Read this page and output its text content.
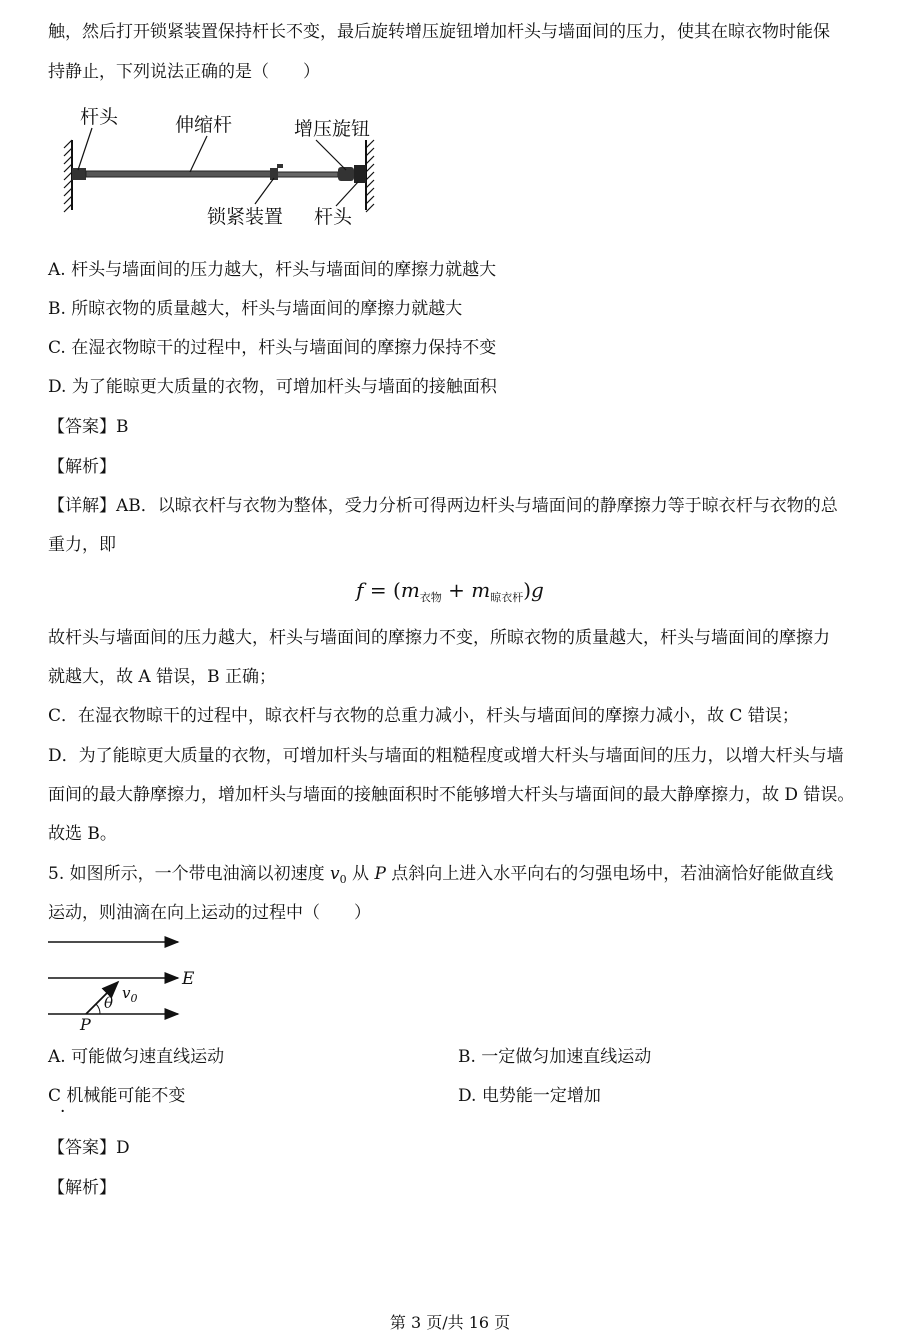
触，然后打开锁紧装置保持杆长不变，最后旋转增压旋钮增加杆头与墙面间的压力，使其在晾衣物时能保
持静止，下列说法正确的是（　　）
杆头	伸缩杆	增压旋钮
锁紧装置 杆头
A. 杆头与墙面间的压力越大，杆头与墙面间的摩擦力就越大
B. 所晾衣物的质量越大，杆头与墙面间的摩擦力就越大
C. 在湿衣物晾干的过程中，杆头与墙面间的摩擦力保持不变
D. 为了能晾更大质量的衣物，可增加杆头与墙面的接触面积
【答案】B
【解析】
【详解】AB．以晾衣杆与衣物为整体，受力分析可得两边杆头与墙面间的静摩擦力等于晾衣杆与衣物的总
重力，即
$f = (m_{衣物} + m_{晾衣杆})g$
故杆头与墙面间的压力越大，杆头与墙面间的摩擦力不变，所晾衣物的质量越大，杆头与墙面间的摩擦力
就越大，故 A 错误，B 正确；
C．在湿衣物晾干的过程中，晾衣杆与衣物的总重力减小，杆头与墙面间的摩擦力减小，故 C 错误；
D．为了能晾更大质量的衣物，可增加杆头与墙面的粗糙程度或增大杆头与墙面间的压力，以增大杆头与墙
面间的最大静摩擦力，增加杆头与墙面的接触面积时不能够增大杆头与墙面间的最大静摩擦力，故 D 错误。
故选 B。
5. 如图所示，一个带电油滴以初速度 $v_0$ 从 P 点斜向上进入水平向右的匀强电场中，若油滴恰好能做直线
运动，则油滴在向上运动的过程中（　　）
E
$v_0$
θ
P
A. 可能做匀速直线运动	B. 一定做匀加速直线运动
C 机械能可能不变
·
D. 电势能一定增加
【答案】D
【解析】
第 3 页/共 16 页
